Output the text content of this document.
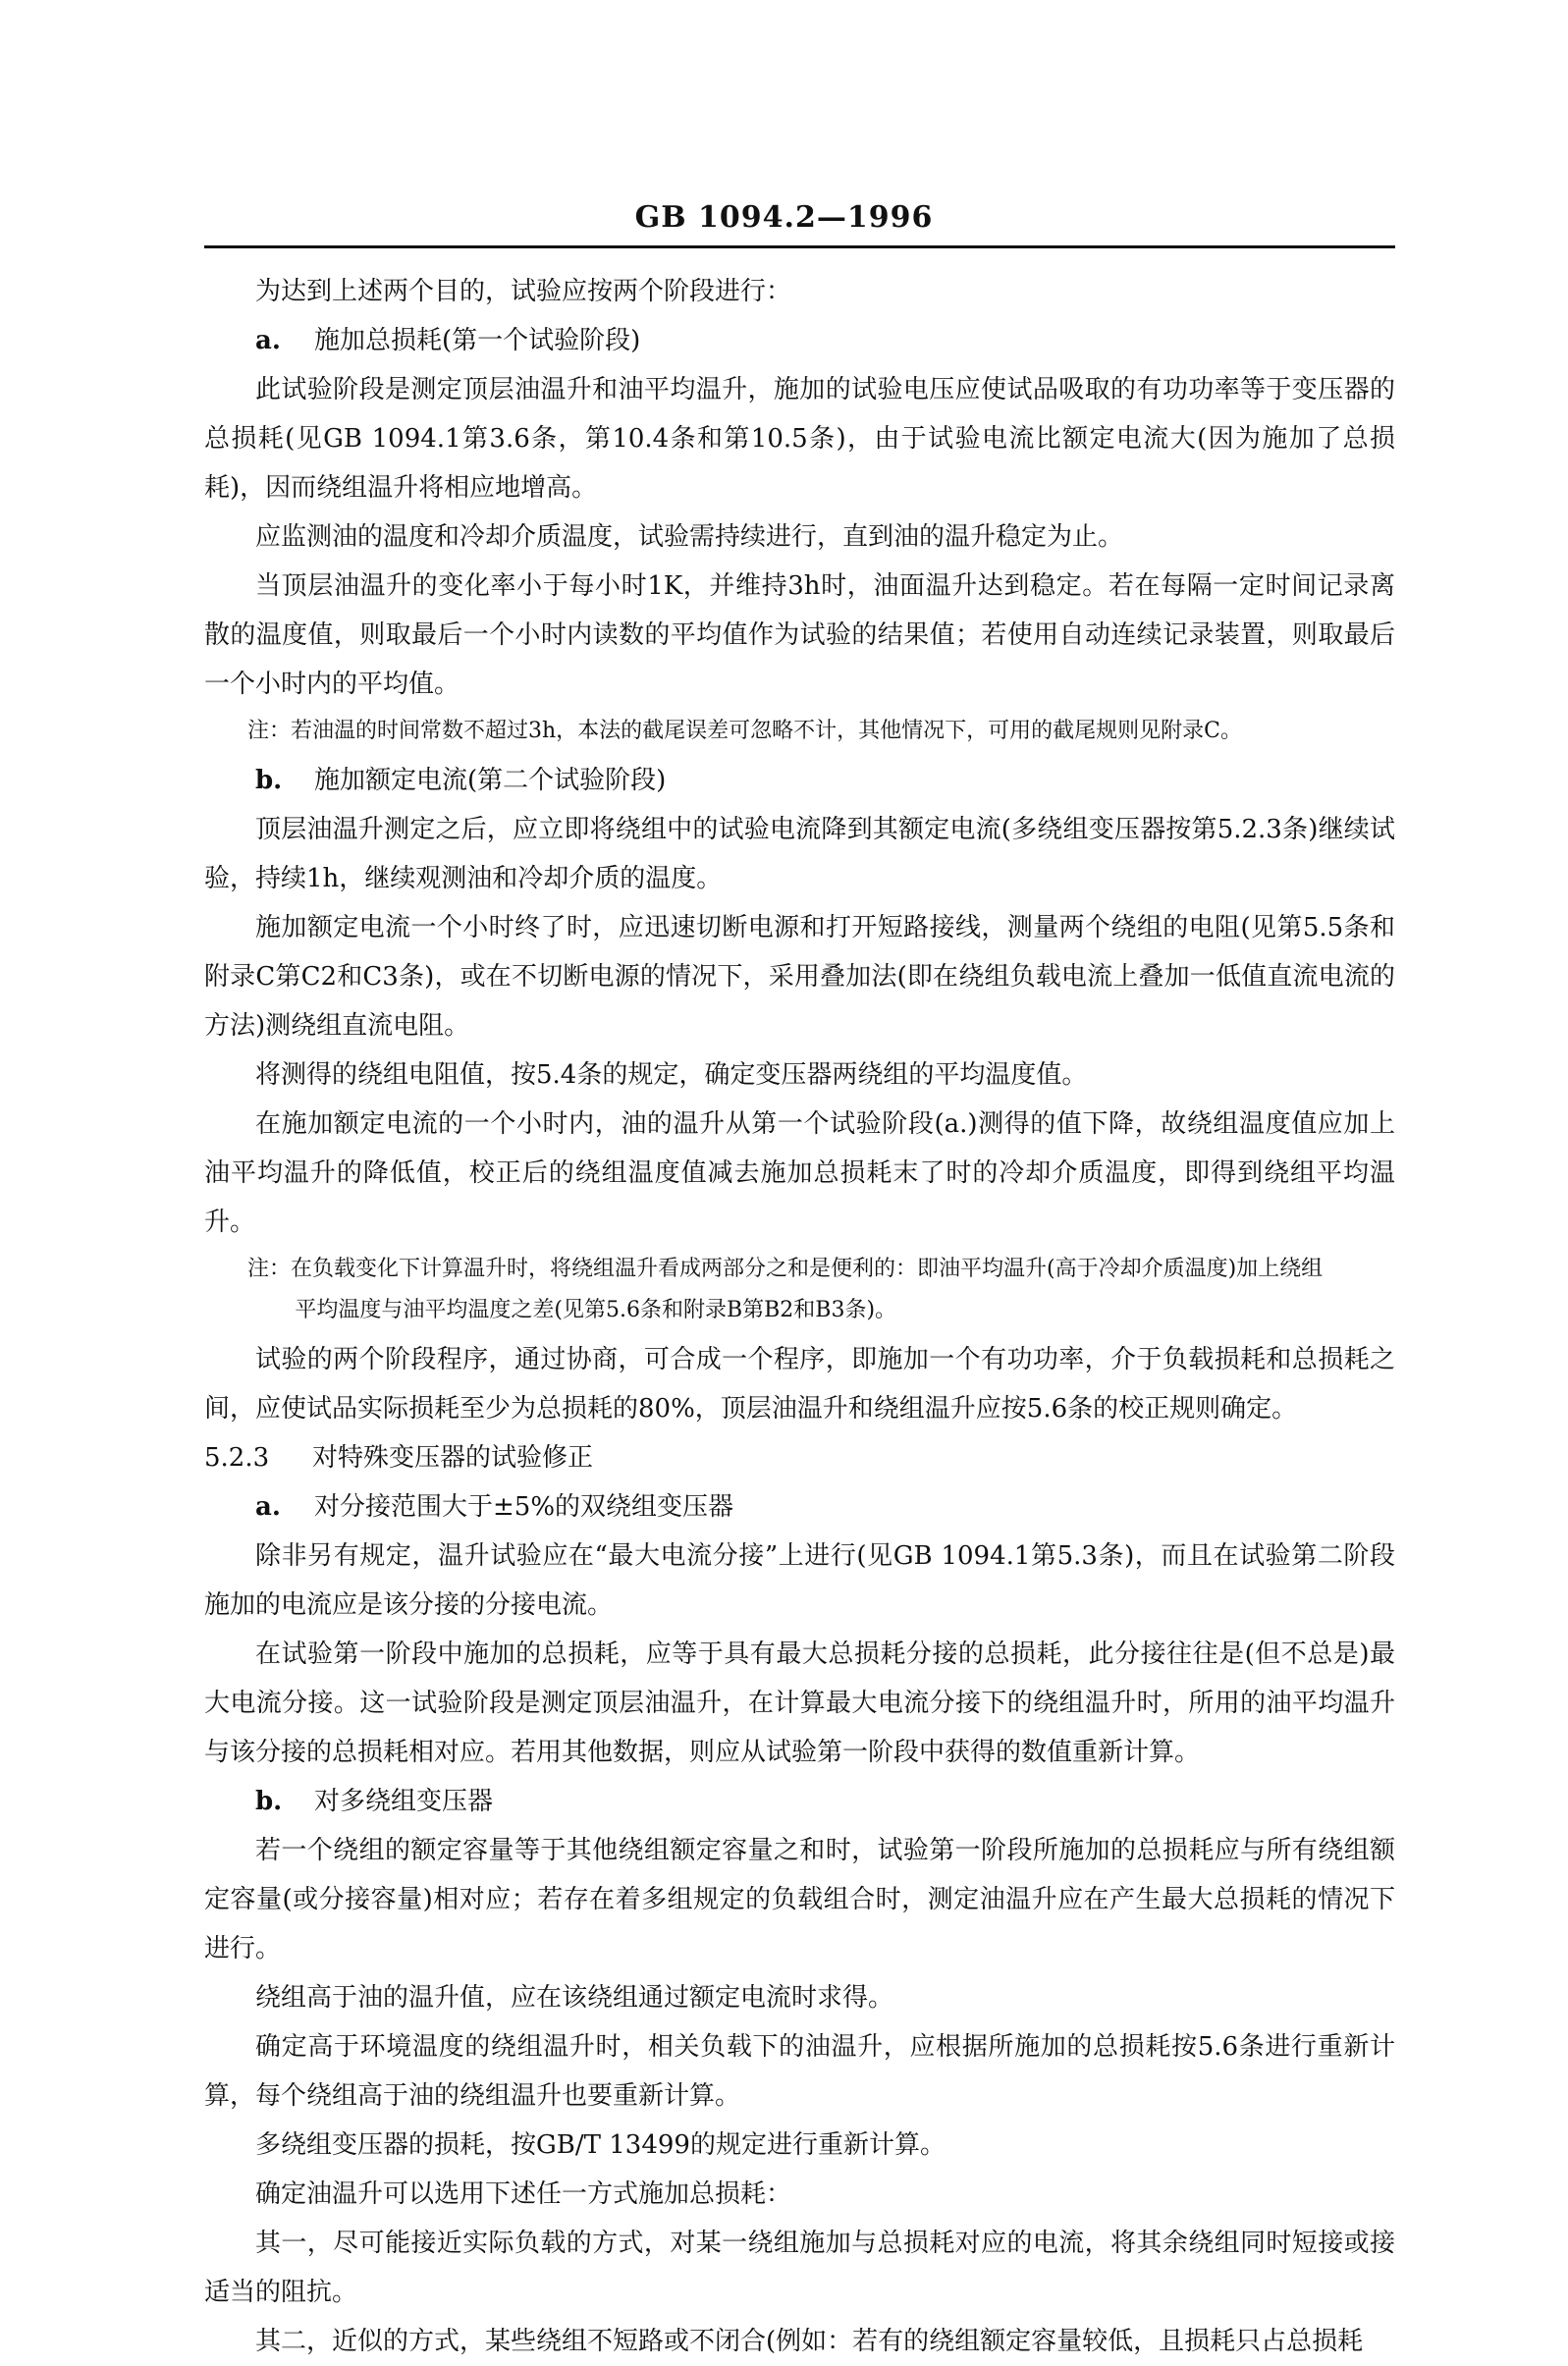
GB 1094.2—1996

为达到上述两个目的，试验应按两个阶段进行：

a. 施加总损耗(第一个试验阶段)

此试验阶段是测定顶层油温升和油平均温升，施加的试验电压应使试品吸取的有功功率等于变压器的总损耗(见GB 1094.1第3.6条，第10.4条和第10.5条)，由于试验电流比额定电流大(因为施加了总损耗)，因而绕组温升将相应地增高。

应监测油的温度和冷却介质温度，试验需持续进行，直到油的温升稳定为止。

当顶层油温升的变化率小于每小时1K，并维持3h时，油面温升达到稳定。若在每隔一定时间记录离散的温度值，则取最后一个小时内读数的平均值作为试验的结果值；若使用自动连续记录装置，则取最后一个小时内的平均值。

注：若油温的时间常数不超过3h，本法的截尾误差可忽略不计，其他情况下，可用的截尾规则见附录C。

b. 施加额定电流(第二个试验阶段)

顶层油温升测定之后，应立即将绕组中的试验电流降到其额定电流(多绕组变压器按第5.2.3条)继续试验，持续1h，继续观测油和冷却介质的温度。

施加额定电流一个小时终了时，应迅速切断电源和打开短路接线，测量两个绕组的电阻(见第5.5条和附录C第C2和C3条)，或在不切断电源的情况下，采用叠加法(即在绕组负载电流上叠加一低值直流电流的方法)测绕组直流电阻。

将测得的绕组电阻值，按5.4条的规定，确定变压器两绕组的平均温度值。

在施加额定电流的一个小时内，油的温升从第一个试验阶段(a.)测得的值下降，故绕组温度值应加上油平均温升的降低值，校正后的绕组温度值减去施加总损耗末了时的冷却介质温度，即得到绕组平均温升。

注：在负载变化下计算温升时，将绕组温升看成两部分之和是便利的：即油平均温升(高于冷却介质温度)加上绕组
平均温度与油平均温度之差(见第5.6条和附录B第B2和B3条)。

试验的两个阶段程序，通过协商，可合成一个程序，即施加一个有功功率，介于负载损耗和总损耗之间，应使试品实际损耗至少为总损耗的80%，顶层油温升和绕组温升应按5.6条的校正规则确定。

5.2.3 对特殊变压器的试验修正

a. 对分接范围大于±5%的双绕组变压器

除非另有规定，温升试验应在“最大电流分接”上进行(见GB 1094.1第5.3条)，而且在试验第二阶段施加的电流应是该分接的分接电流。

在试验第一阶段中施加的总损耗，应等于具有最大总损耗分接的总损耗，此分接往往是(但不总是)最大电流分接。这一试验阶段是测定顶层油温升，在计算最大电流分接下的绕组温升时，所用的油平均温升与该分接的总损耗相对应。若用其他数据，则应从试验第一阶段中获得的数值重新计算。

b. 对多绕组变压器

若一个绕组的额定容量等于其他绕组额定容量之和时，试验第一阶段所施加的总损耗应与所有绕组额定容量(或分接容量)相对应；若存在着多组规定的负载组合时，测定油温升应在产生最大总损耗的情况下进行。

绕组高于油的温升值，应在该绕组通过额定电流时求得。

确定高于环境温度的绕组温升时，相关负载下的油温升，应根据所施加的总损耗按5.6条进行重新计算，每个绕组高于油的绕组温升也要重新计算。

多绕组变压器的损耗，按GB/T 13499的规定进行重新计算。

确定油温升可以选用下述任一方式施加总损耗：

其一，尽可能接近实际负载的方式，对某一绕组施加与总损耗对应的电流，将其余绕组同时短接或接适当的阻抗。

其二，近似的方式，某些绕组不短路或不闭合(例如：若有的绕组额定容量较低，且损耗只占总损耗
